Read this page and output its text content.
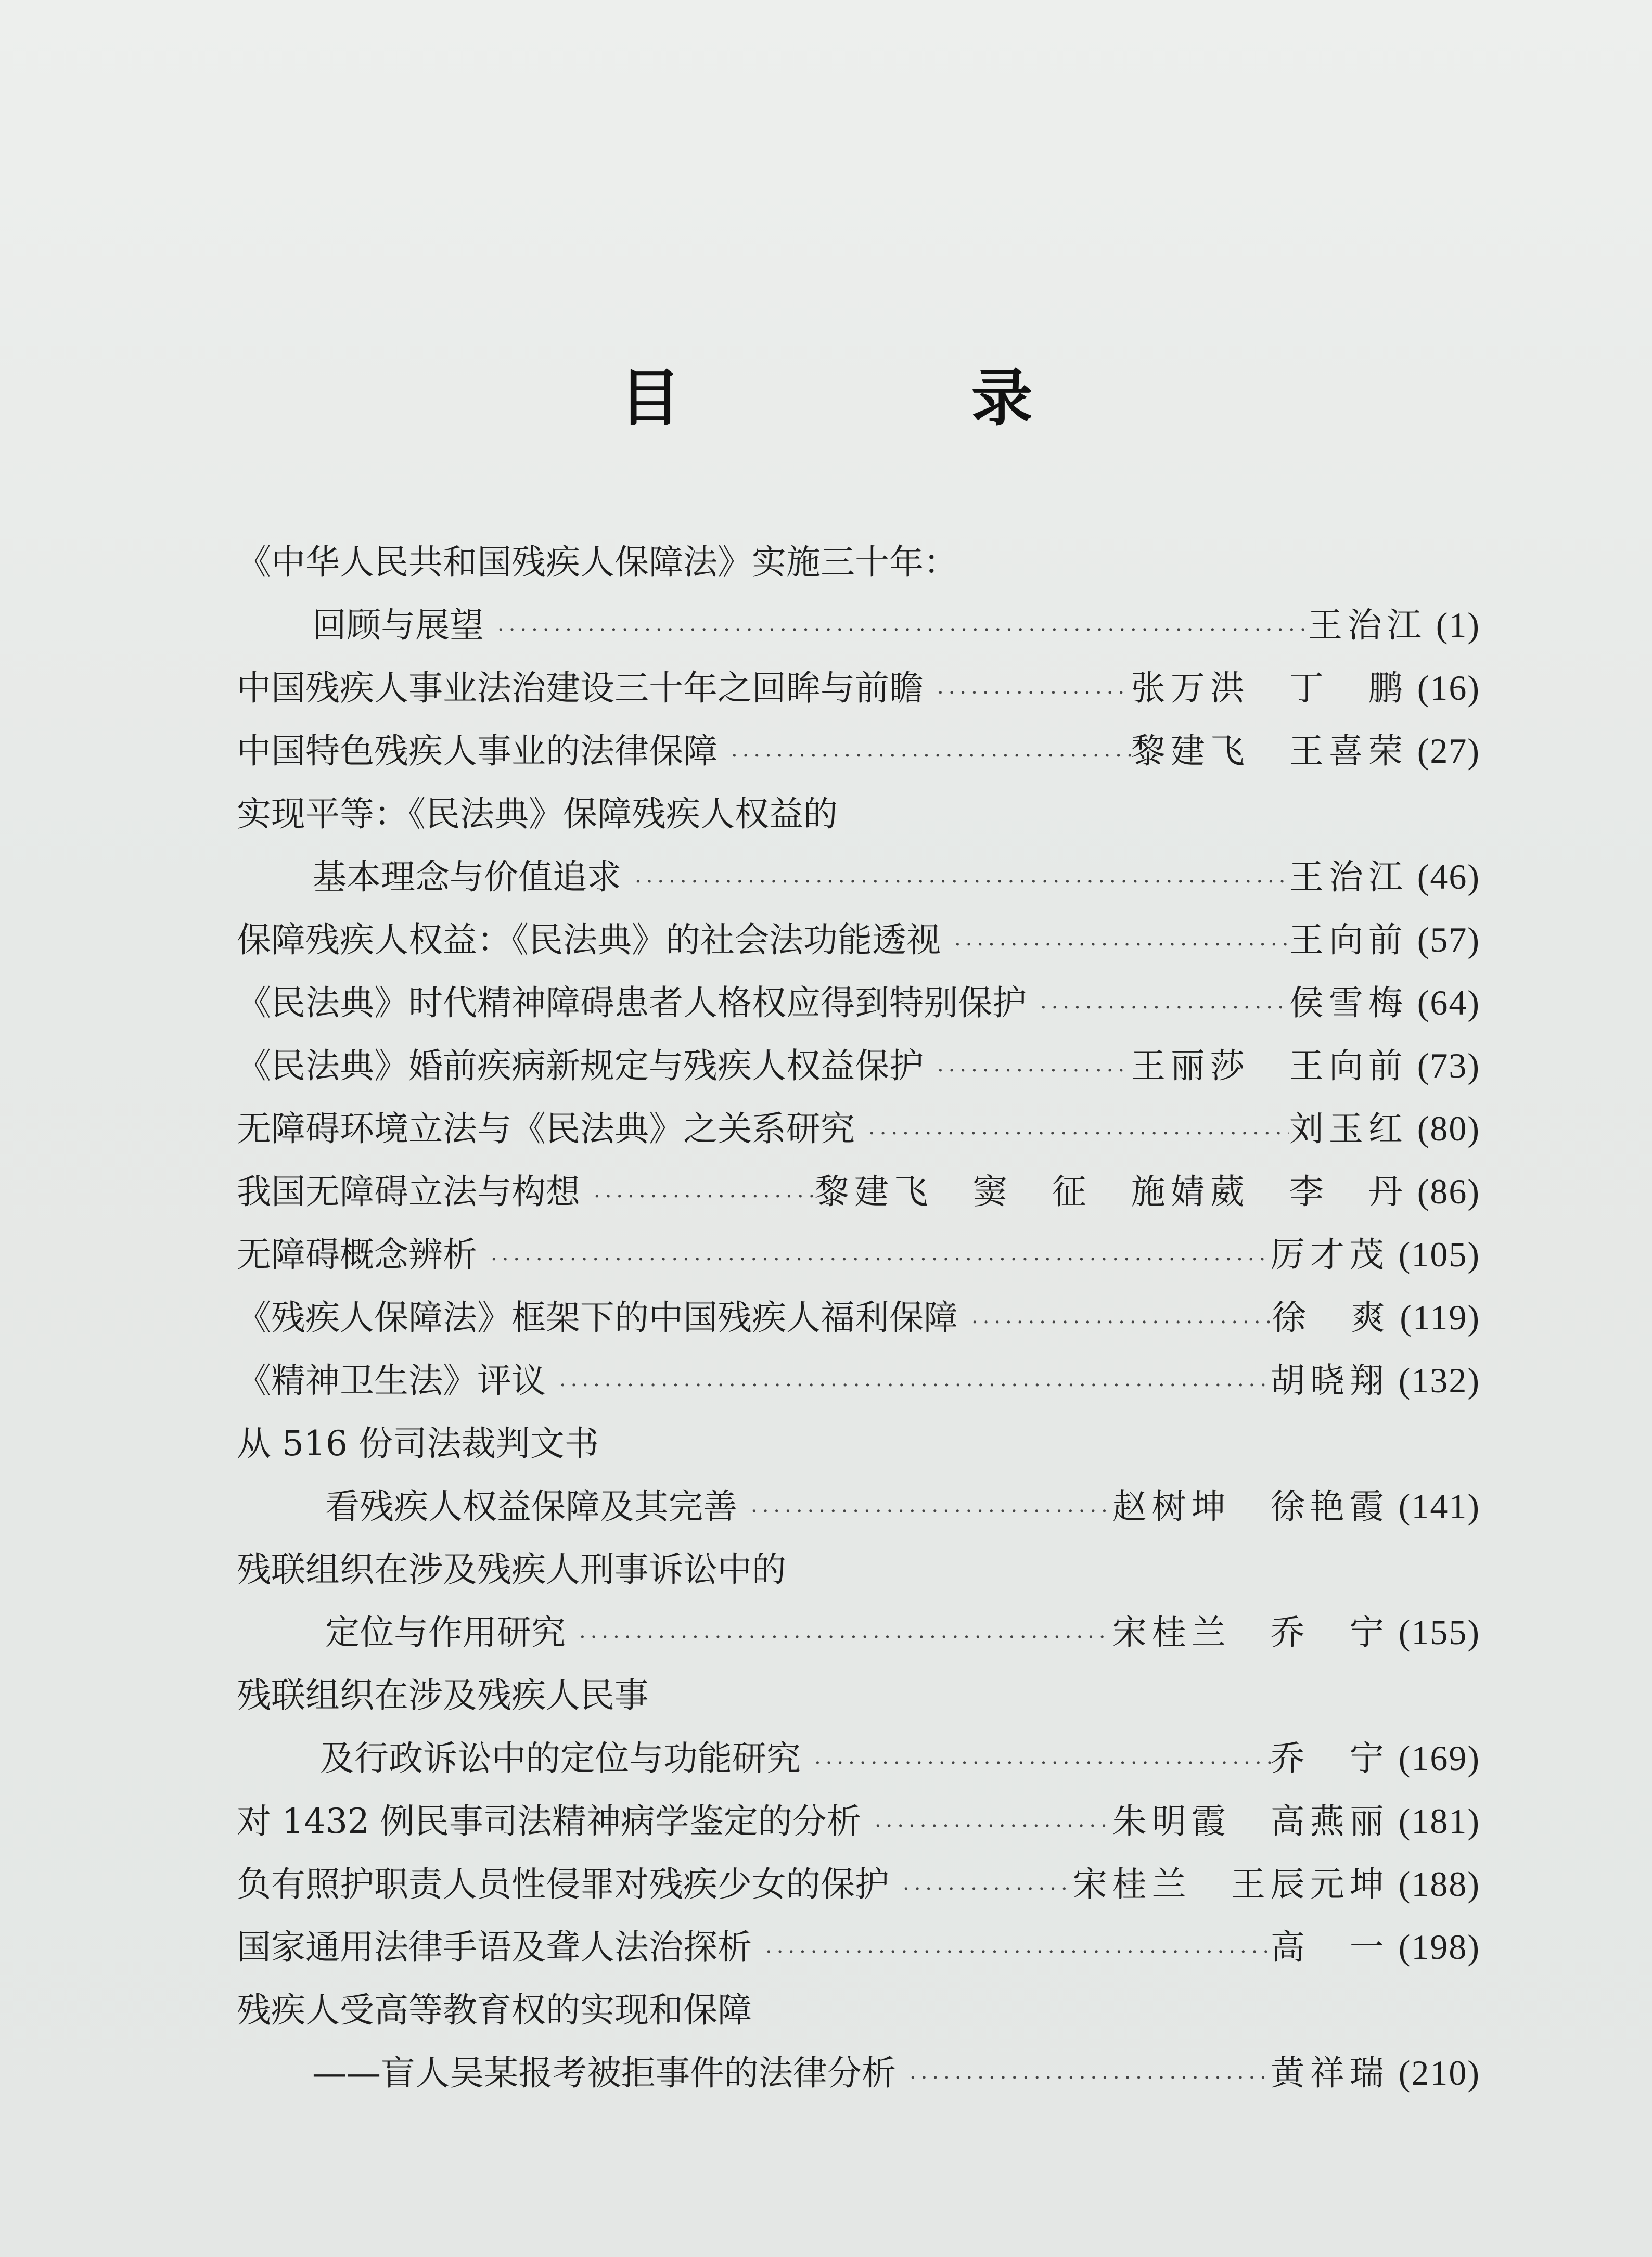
目　录
《中华人民共和国残疾人保障法》实施三十年：
回顾与展望 ·····	王治江 (1)
中国残疾人事业法治建设三十年之回眸与前瞻 ·····	张万洪　丁　鹏 (16)
中国特色残疾人事业的法律保障 ·····	黎建飞　王喜荣 (27)
实现平等：《民法典》保障残疾人权益的
基本理念与价值追求 ·····	王治江 (46)
保障残疾人权益：《民法典》的社会法功能透视 ·····	王向前 (57)
《民法典》时代精神障碍患者人格权应得到特别保护 ·····	侯雪梅 (64)
《民法典》婚前疾病新规定与残疾人权益保护 ·····	王丽莎　王向前 (73)
无障碍环境立法与《民法典》之关系研究 ·····	刘玉红 (80)
我国无障碍立法与构想 ·····	黎建飞　窦　征　施婧葳　李　丹 (86)
无障碍概念辨析 ·····	厉才茂 (105)
《残疾人保障法》框架下的中国残疾人福利保障 ·····	徐　爽 (119)
《精神卫生法》评议 ·····	胡晓翔 (132)
从 516 份司法裁判文书
看残疾人权益保障及其完善 ·····	赵树坤　徐艳霞 (141)
残联组织在涉及残疾人刑事诉讼中的
定位与作用研究 ·····	宋桂兰　乔　宁 (155)
残联组织在涉及残疾人民事
及行政诉讼中的定位与功能研究 ·····	乔　宁 (169)
对 1432 例民事司法精神病学鉴定的分析 ·····	朱明霞　高燕丽 (181)
负有照护职责人员性侵罪对残疾少女的保护 ·····	宋桂兰　王辰元坤 (188)
国家通用法律手语及聋人法治探析 ·····	高　一 (198)
残疾人受高等教育权的实现和保障
——盲人吴某报考被拒事件的法律分析 ·····	黄祥瑞 (210)
